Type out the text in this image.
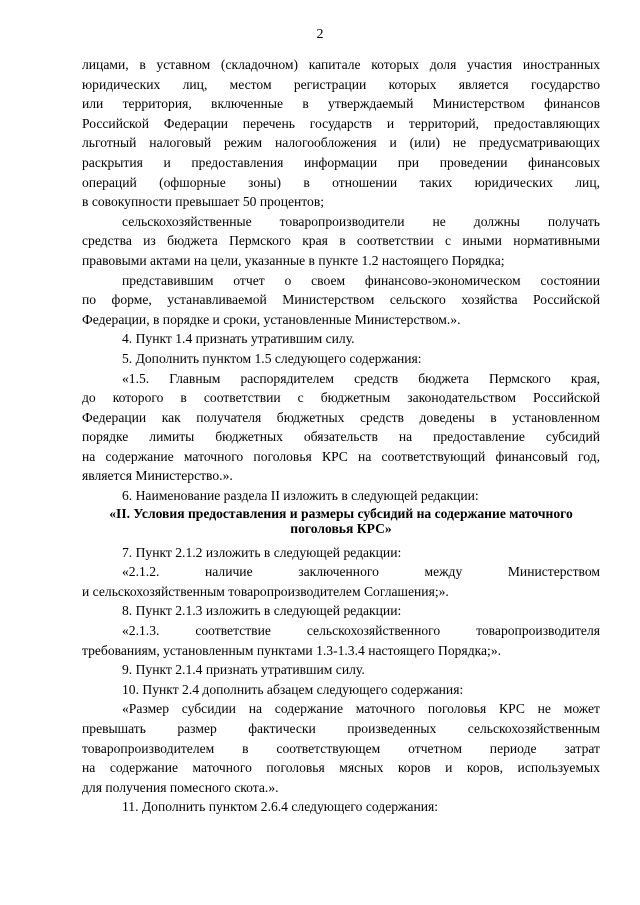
2
лицами, в уставном (складочном) капитале которых доля участия иностранных
юридических лиц, местом регистрации которых является государство
или территория, включенные в утверждаемый Министерством финансов
Российской Федерации перечень государств и территорий, предоставляющих
льготный налоговый режим налогообложения и (или) не предусматривающих
раскрытия и предоставления информации при проведении финансовых
операций (офшорные зоны) в отношении таких юридических лиц,
в совокупности превышает 50 процентов;
сельскохозяйственные товаропроизводители не должны получать
средства из бюджета Пермского края в соответствии с иными нормативными
правовыми актами на цели, указанные в пункте 1.2 настоящего Порядка;
представившим отчет о своем финансово-экономическом состоянии
по форме, устанавливаемой Министерством сельского хозяйства Российской
Федерации, в порядке и сроки, установленные Министерством.».
4. Пункт 1.4 признать утратившим силу.
5. Дополнить пунктом 1.5 следующего содержания:
«1.5. Главным распорядителем средств бюджета Пермского края,
до которого в соответствии с бюджетным законодательством Российской
Федерации как получателя бюджетных средств доведены в установленном
порядке лимиты бюджетных обязательств на предоставление субсидий
на содержание маточного поголовья КРС на соответствующий финансовый год,
является Министерство.».
6. Наименование раздела II изложить в следующей редакции:
«II. Условия предоставления и размеры субсидий на содержание маточного
поголовья КРС»
7. Пункт 2.1.2 изложить в следующей редакции:
«2.1.2. наличие заключенного между Министерством
и сельскохозяйственным товаропроизводителем Соглашения;».
8. Пункт 2.1.3 изложить в следующей редакции:
«2.1.3. соответствие сельскохозяйственного товаропроизводителя
требованиям, установленным пунктами 1.3-1.3.4 настоящего Порядка;».
9. Пункт 2.1.4 признать утратившим силу.
10. Пункт 2.4 дополнить абзацем следующего содержания:
«Размер субсидии на содержание маточного поголовья КРС не может
превышать размер фактически произведенных сельскохозяйственным
товаропроизводителем в соответствующем отчетном периоде затрат
на содержание маточного поголовья мясных коров и коров, используемых
для получения помесного скота.».
11. Дополнить пунктом 2.6.4 следующего содержания:
